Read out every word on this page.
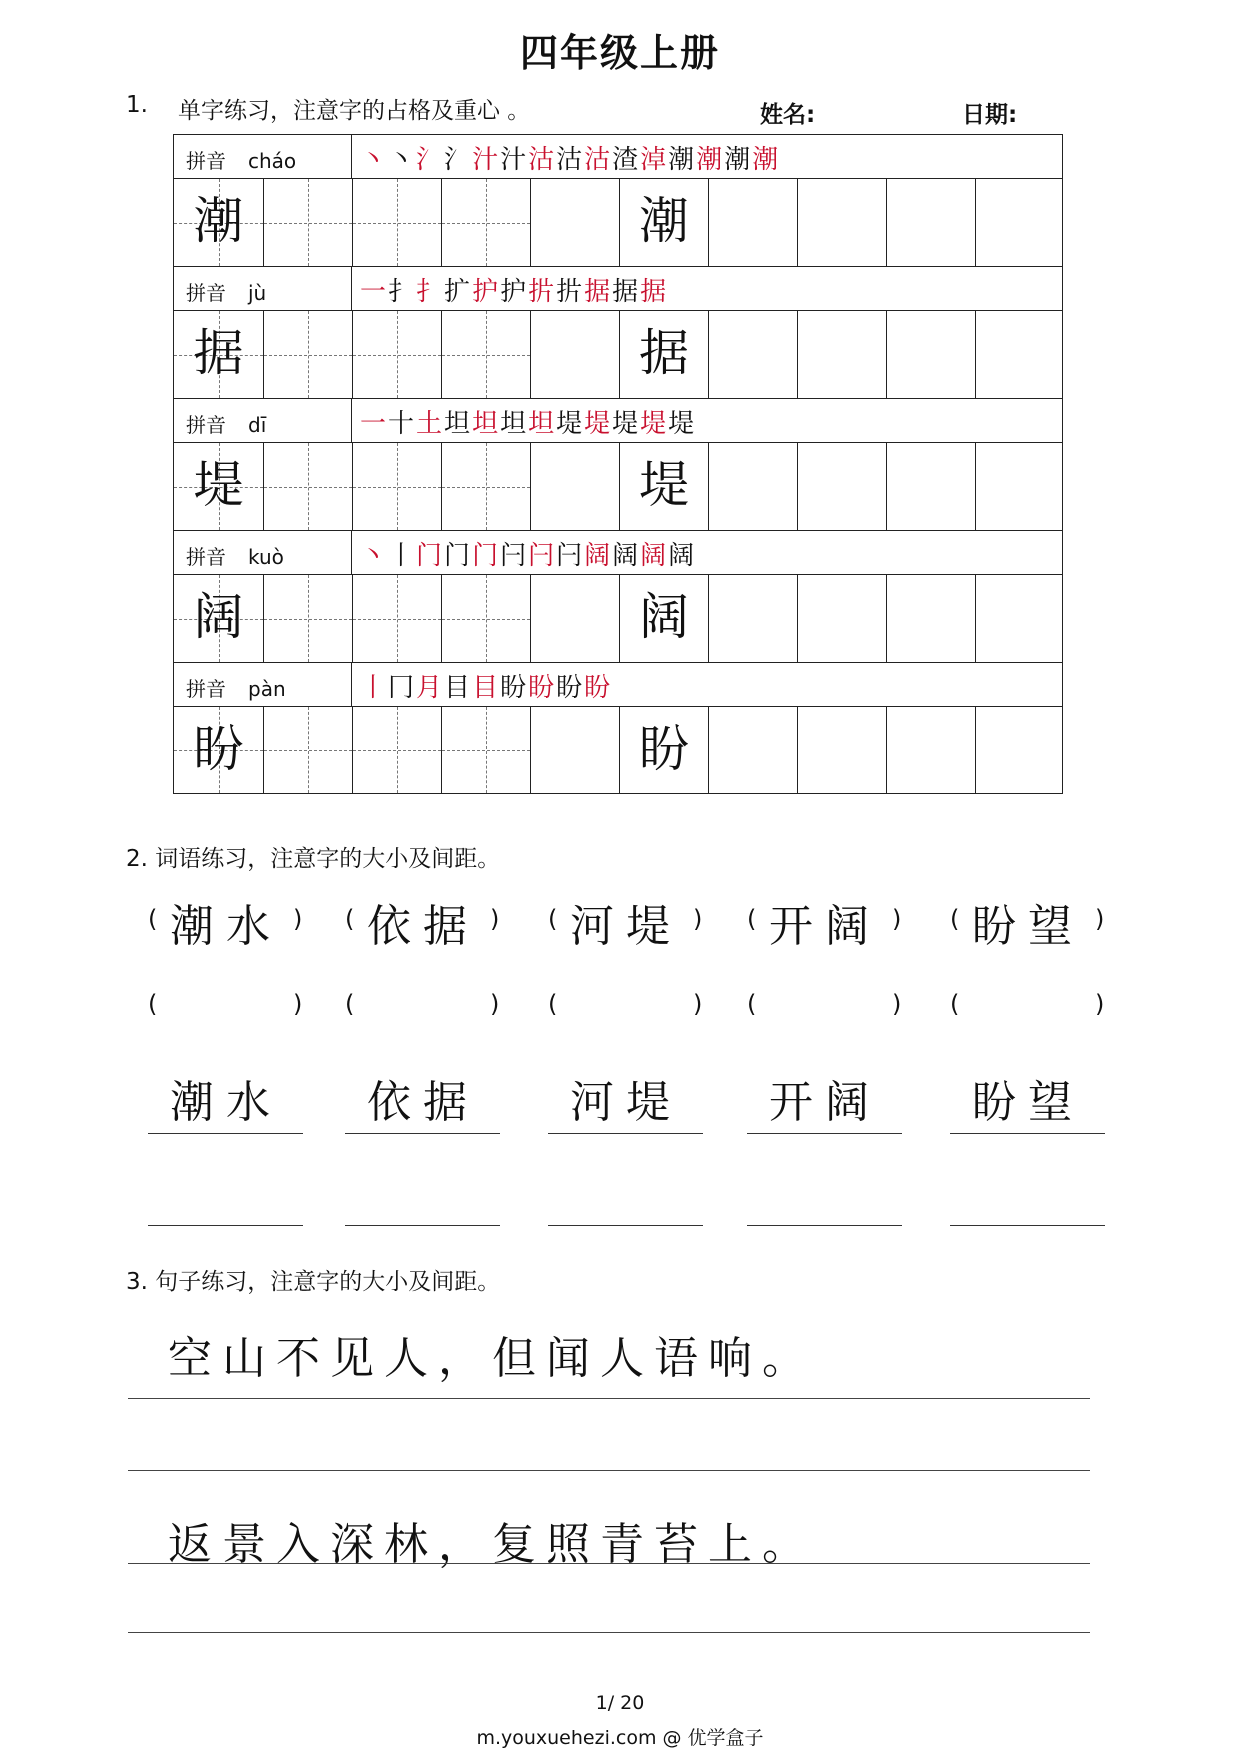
四年级上册
1. 单字练习，注意字的占格及重心 。	姓名:	日期:
拼音 cháo 丶丶氵氵汁汁沽沽沽渣淖潮潮潮潮
潮	潮
拼音 jù	一扌扌扩护护扸扸据据据
据	据
拼音 dī	一十土坦坦坦坦堤堤堤堤堤
堤	堤
拼音 kuò	丶丨门门门闩闩闩阔阔阔阔
阔	阔
拼音 pàn	丨冂月目目盼盼盼盼
盼	盼
2. 词语练习，注意字的大小及间距。
3. 句子练习，注意字的大小及间距。
( 潮水 )
(	)
潮水
( 依据 )
(	)
依据
( 河堤 )
(	)
河堤
( 开阔 )
(	)
开阔
( 盼望 )
(	)
盼望
空山不见人，但闻人语响。
返景入深林，复照青苔上。
1/ 20
m.youxuehezi.com @ 优学盒子
